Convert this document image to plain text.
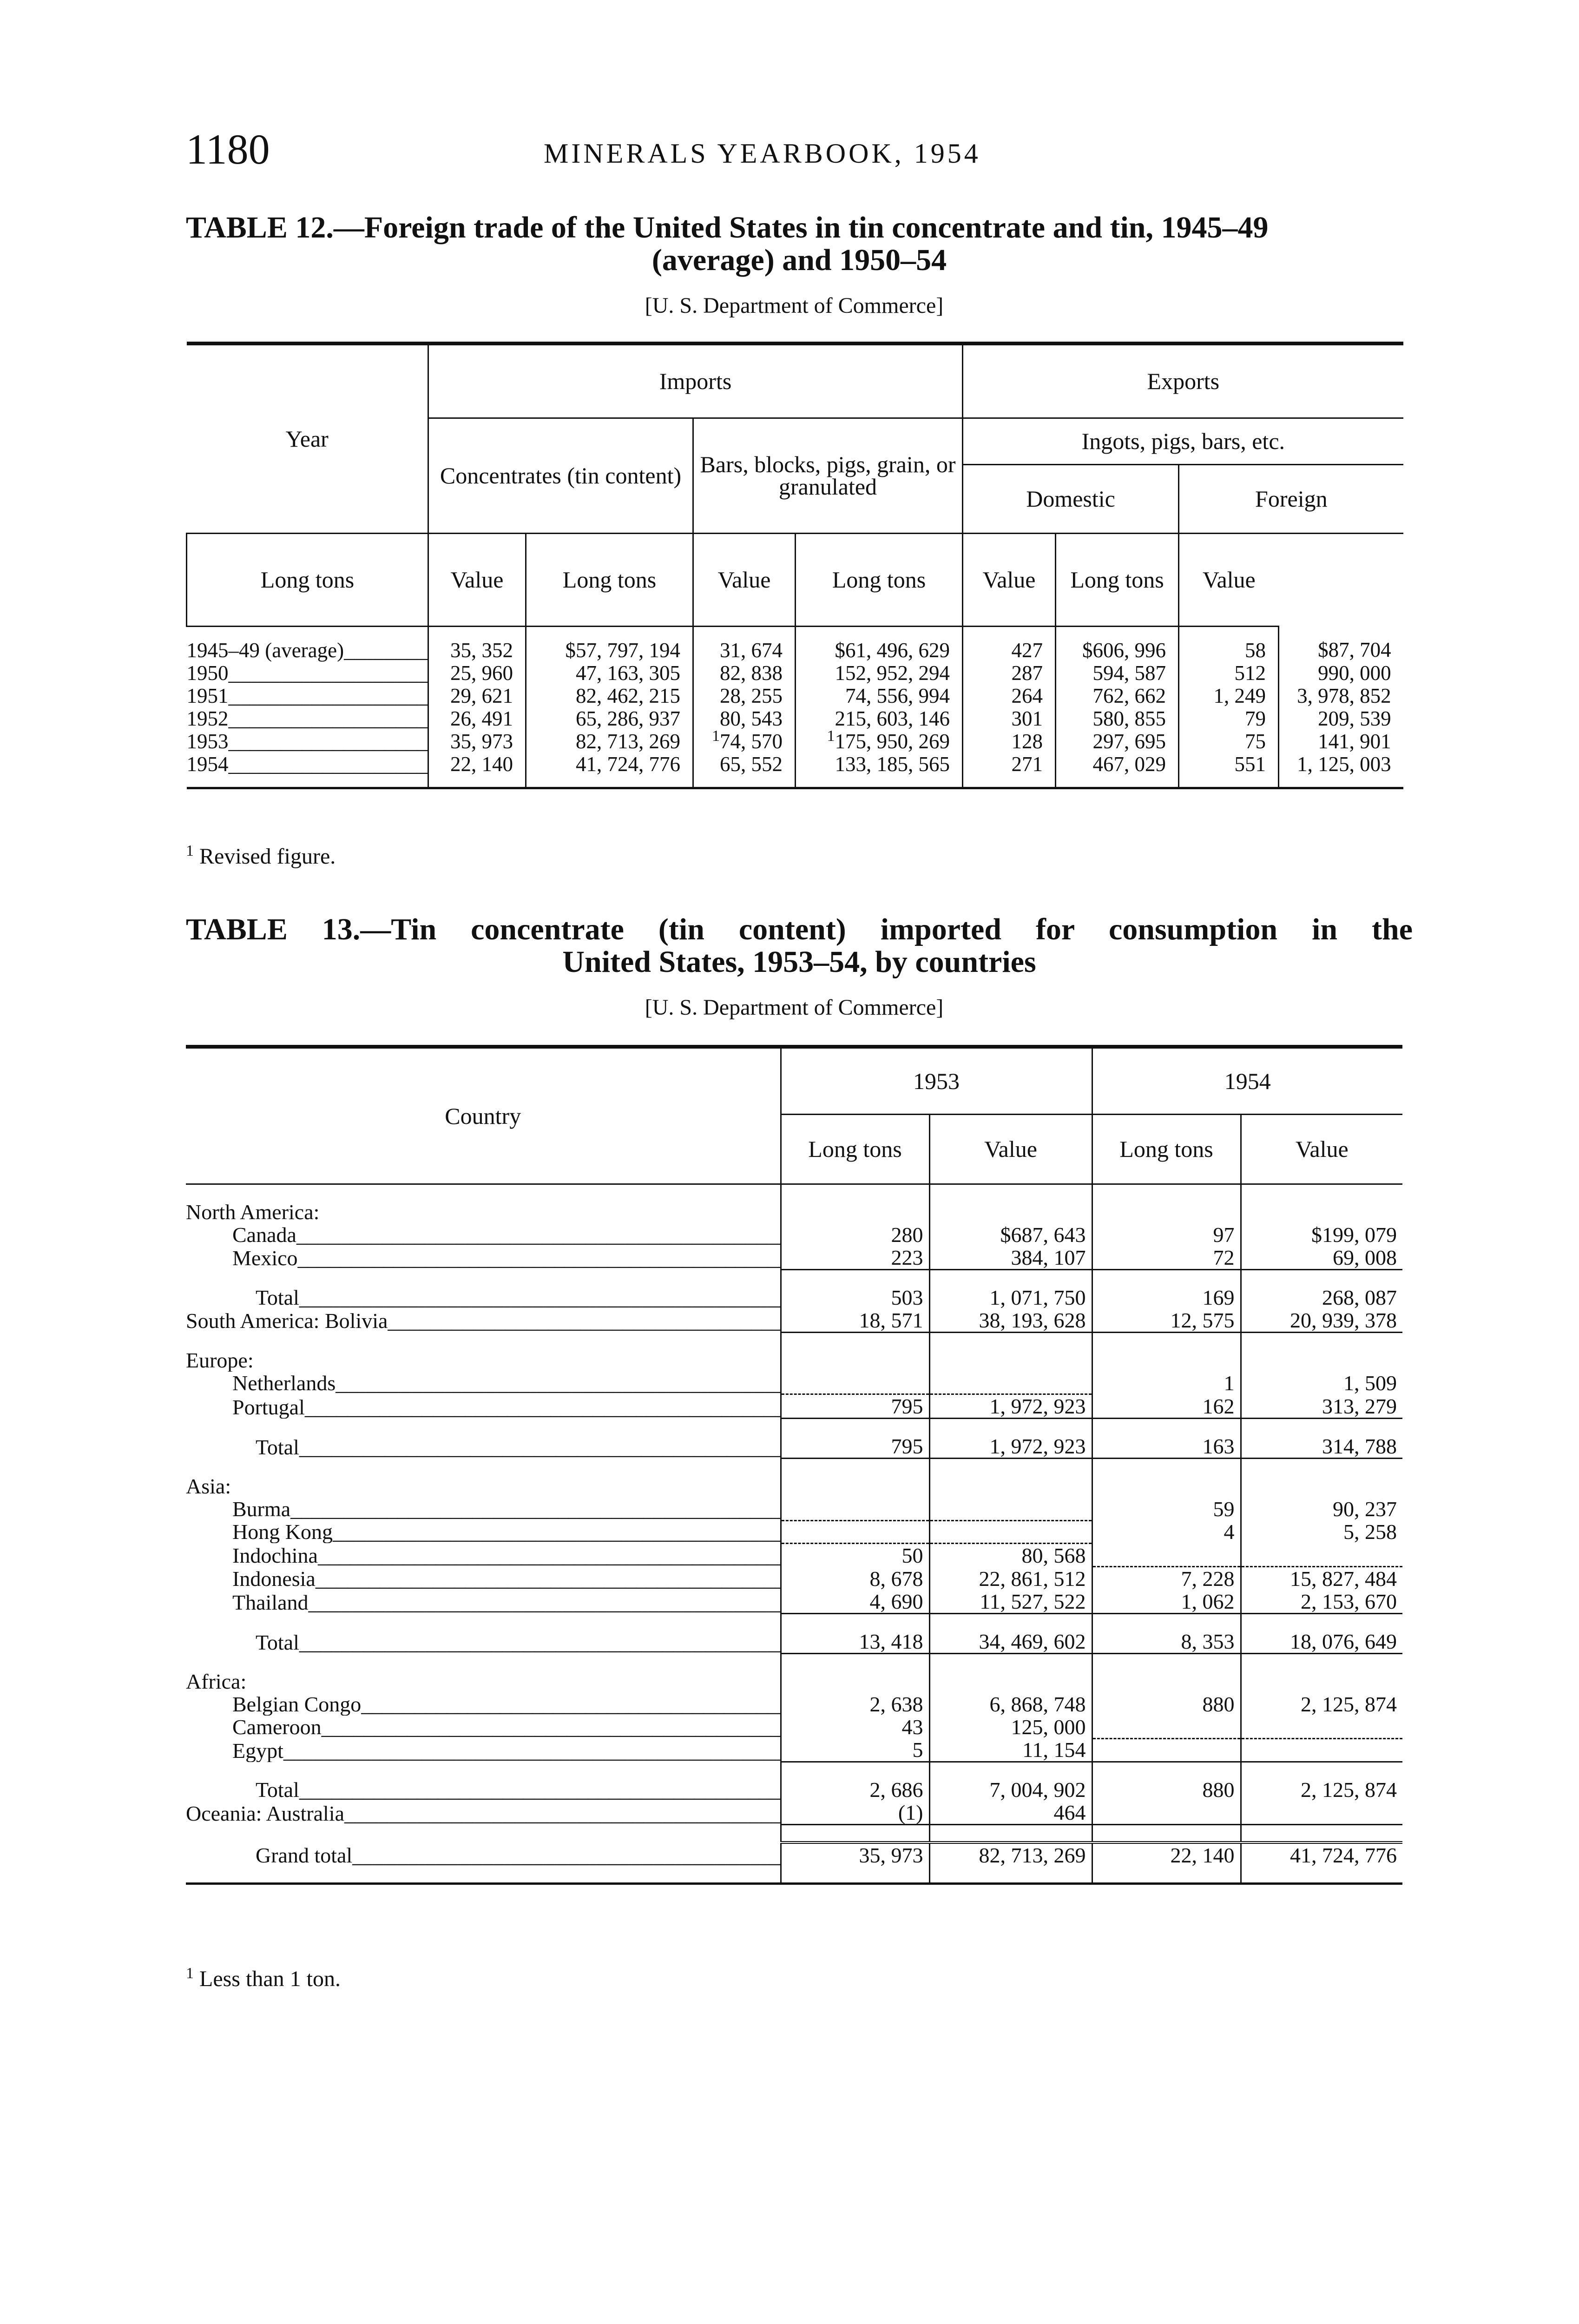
1180	MINERALS YEARBOOK, 1954
TABLE 12.—Foreign trade of the United States in tin concentrate and tin, 1945–49
(average) and 1950–54
[U. S. Department of Commerce]
Year	Imports				Exports			
	Concentrates (tin content)		Bars, blocks, pigs, grain, or granulated		Ingots, pigs, bars, etc.			
					Domestic		Foreign	
Long tons	Value	Long tons	Value	Long tons	Value	Long tons	Value	
1945–49 (average) _____	35, 352	$57, 797, 194	31, 674	$61, 496, 629	427	$606, 996	58	$87, 704
1950 _____	25, 960	47, 163, 305	82, 838	152, 952, 294	287	594, 587	512	990, 000
1951 _____	29, 621	82, 462, 215	28, 255	74, 556, 994	264	762, 662	1, 249	3, 978, 852
1952 _____	26, 491	65, 286, 937	80, 543	215, 603, 146	301	580, 855	79	209, 539
1953 _____	35, 973	82, 713, 269	$^1$74, 570	$^1$175, 950, 269	128	297, 695	75	141, 901
1954 _____	22, 140	41, 724, 776	65, 552	133, 185, 565	271	467, 029	551	1, 125, 003
$^1$ Revised figure.
TABLE 13.—Tin concentrate (tin content) imported for consumption in the
United States, 1953–54, by countries
[U. S. Department of Commerce]
Country	1953		1954	
	Long tons	Value	Long tons	Value

North America:				
Canada _____	280	$687, 643	97	$199, 079
Mexico _____	223	384, 107	72	69, 008

Total _____	503	1, 071, 750	169	268, 087
South America: Bolivia _____	18, 571	38, 193, 628	12, 575	20, 939, 378

Europe:				
Netherlands _____			1	1, 509
Portugal _____	795	1, 972, 923	162	313, 279

Total _____	795	1, 972, 923	163	314, 788

Asia:				
Burma _____			59	90, 237
Hong Kong _____			4	5, 258
Indochina _____	50	80, 568		
Indonesia _____	8, 678	22, 861, 512	7, 228	15, 827, 484
Thailand _____	4, 690	11, 527, 522	1, 062	2, 153, 670

Total _____	13, 418	34, 469, 602	8, 353	18, 076, 649

Africa:				
Belgian Congo _____	2, 638	6, 868, 748	880	2, 125, 874
Cameroon _____	43	125, 000		
Egypt _____	5	11, 154		

Total _____	2, 686	7, 004, 902	880	2, 125, 874
Oceania: Australia _____	(1)	464		

Grand total _____	35, 973	82, 713, 269	22, 140	41, 724, 776

$^1$ Less than 1 ton.
